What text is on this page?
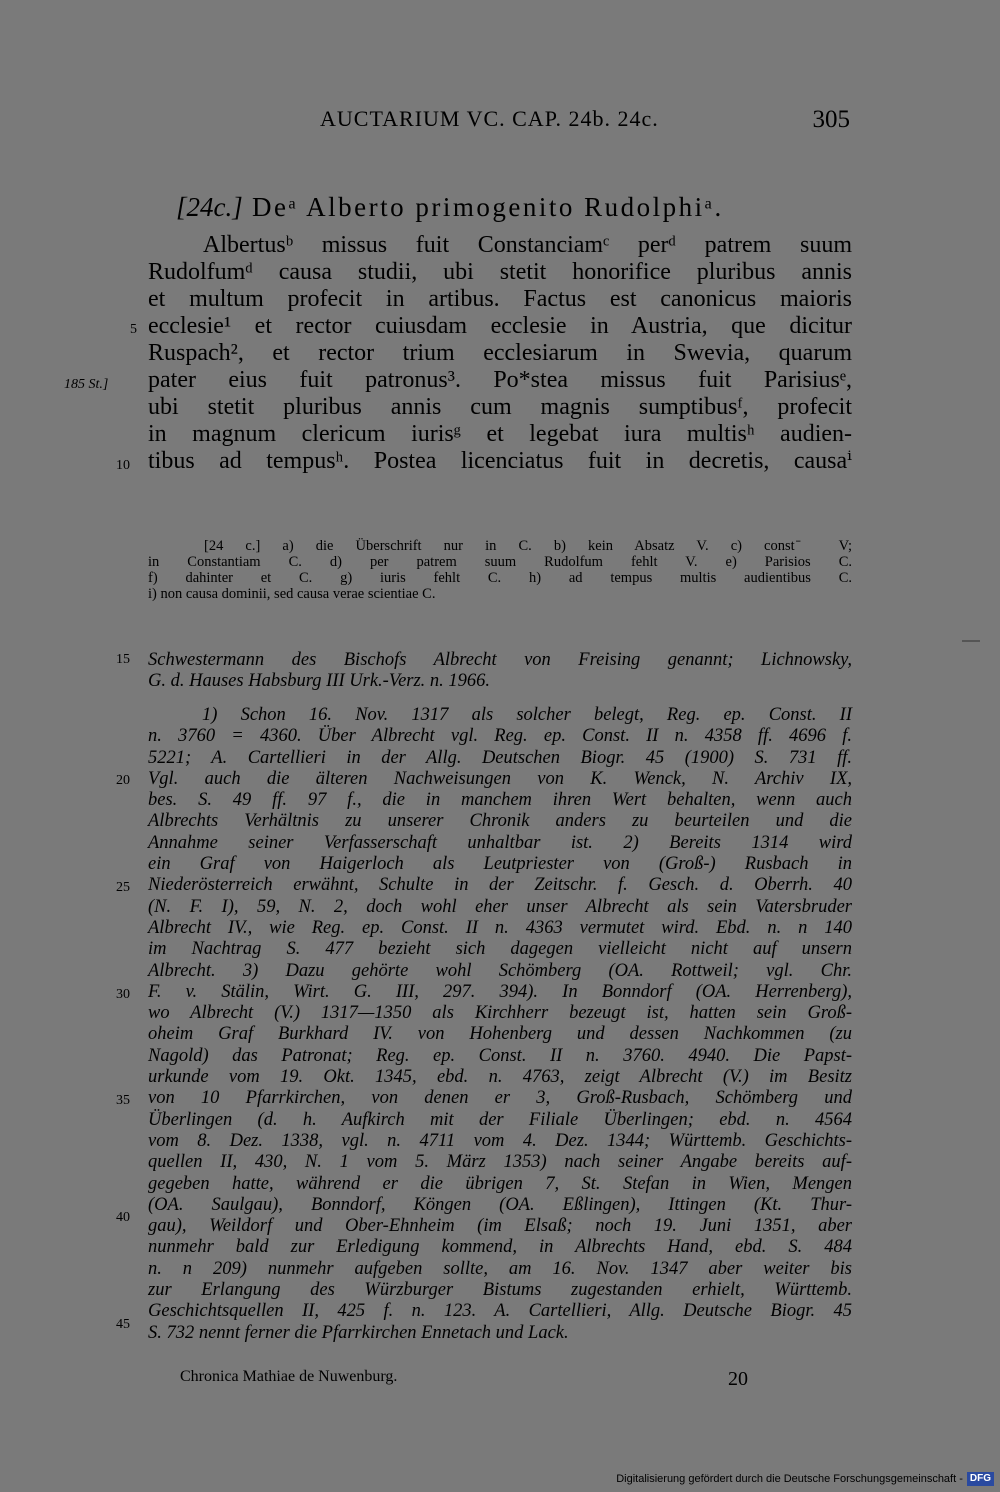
AUCTARIUM VC. CAP. 24b. 24c.	305
[24c.] Deᵃ Alberto primogenito Rudolphiᵃ.
Albertusᵇ missus fuit Constanciamᶜ perᵈ patrem suum
Rudolfumᵈ causa studii, ubi stetit honorifice pluribus annis
et multum profecit in artibus. Factus est canonicus maioris
ecclesie¹ et rector cuiusdam ecclesie in Austria, que dicitur
Ruspach², et rector trium ecclesiarum in Swevia, quarum
pater eius fuit patronus³. Po*stea missus fuit Parisiusᵉ,
ubi stetit pluribus annis cum magnis sumptibusᶠ, profecit
in magnum clericum iurisᵍ et legebat iura multisʰ audien-
tibus ad tempusʰ. Postea licenciatus fuit in decretis, causaⁱ
5
10
185 St.]
[24 c.] a) die Überschrift nur in C. b) kein Absatz V. c) const ̄ V;
in Constantiam C. d) per patrem suum Rudolfum fehlt V. e) Parisios C.
f) dahinter et C. g) iuris fehlt C. h) ad tempus multis audientibus C.
i) non causa dominii, sed causa verae scientiae C.
Schwestermann des Bischofs Albrecht von Freising genannt; Lichnowsky,
G. d. Hauses Habsburg III Urk.-Verz. n. 1966.
1) Schon 16. Nov. 1317 als solcher belegt, Reg. ep. Const. II
n. 3760 = 4360. Über Albrecht vgl. Reg. ep. Const. II n. 4358 ff. 4696 f.
5221; A. Cartellieri in der Allg. Deutschen Biogr. 45 (1900) S. 731 ff.
Vgl. auch die älteren Nachweisungen von K. Wenck, N. Archiv IX,
bes. S. 49 ff. 97 f., die in manchem ihren Wert behalten, wenn auch
Albrechts Verhältnis zu unserer Chronik anders zu beurteilen und die
Annahme seiner Verfasserschaft unhaltbar ist. 2) Bereits 1314 wird
ein Graf von Haigerloch als Leutpriester von (Groß-) Rusbach in
Niederösterreich erwähnt, Schulte in der Zeitschr. f. Gesch. d. Oberrh. 40
(N. F. I), 59, N. 2, doch wohl eher unser Albrecht als sein Vatersbruder
Albrecht IV., wie Reg. ep. Const. II n. 4363 vermutet wird. Ebd. n. n 140
im Nachtrag S. 477 bezieht sich dagegen vielleicht nicht auf unsern
Albrecht. 3) Dazu gehörte wohl Schömberg (OA. Rottweil; vgl. Chr.
F. v. Stälin, Wirt. G. III, 297. 394). In Bonndorf (OA. Herrenberg),
wo Albrecht (V.) 1317—1350 als Kirchherr bezeugt ist, hatten sein Groß-
oheim Graf Burkhard IV. von Hohenberg und dessen Nachkommen (zu
Nagold) das Patronat; Reg. ep. Const. II n. 3760. 4940. Die Papst-
urkunde vom 19. Okt. 1345, ebd. n. 4763, zeigt Albrecht (V.) im Besitz
von 10 Pfarrkirchen, von denen er 3, Groß-Rusbach, Schömberg und
Überlingen (d. h. Aufkirch mit der Filiale Überlingen; ebd. n. 4564
vom 8. Dez. 1338, vgl. n. 4711 vom 4. Dez. 1344; Württemb. Geschichts-
quellen II, 430, N. 1 vom 5. März 1353) nach seiner Angabe bereits auf-
gegeben hatte, während er die übrigen 7, St. Stefan in Wien, Mengen
(OA. Saulgau), Bonndorf, Köngen (OA. Eßlingen), Ittingen (Kt. Thur-
gau), Weildorf und Ober-Ehnheim (im Elsaß; noch 19. Juni 1351, aber
nunmehr bald zur Erledigung kommend, in Albrechts Hand, ebd. S. 484
n. n 209) nunmehr aufgeben sollte, am 16. Nov. 1347 aber weiter bis
zur Erlangung des Würzburger Bistums zugestanden erhielt, Württemb.
Geschichtsquellen II, 425 f. n. 123. A. Cartellieri, Allg. Deutsche Biogr. 45
S. 732 nennt ferner die Pfarrkirchen Ennetach und Lack.
15
20
25
30
35
40
45
Chronica Mathiae de Nuwenburg.	20
Digitalisierung gefördert durch die Deutsche Forschungsgemeinschaft - DFG
